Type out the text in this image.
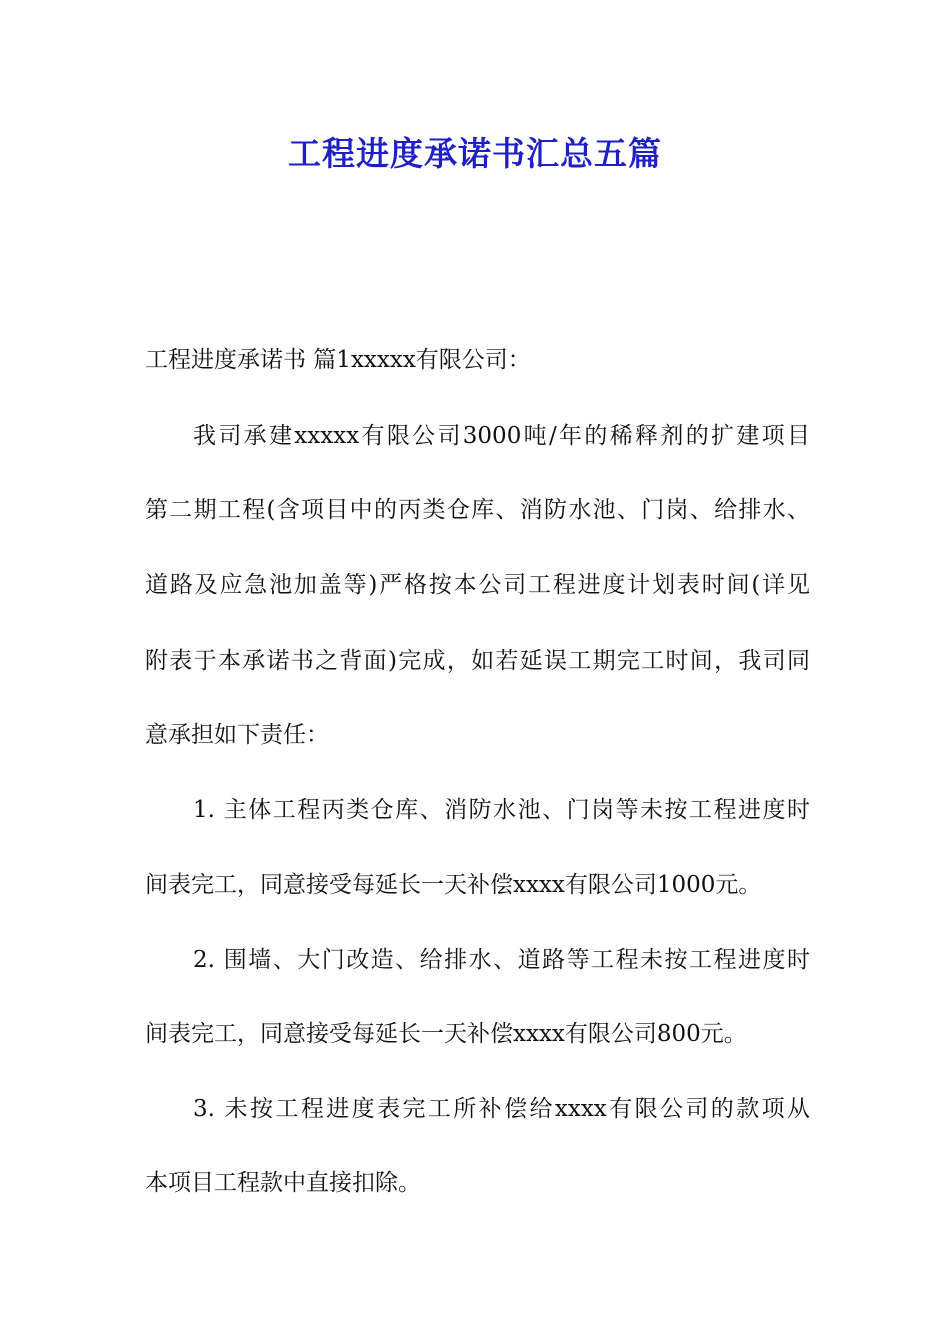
工程进度承诺书汇总五篇

工程进度承诺书 篇1xxxxx有限公司：

我司承建xxxxx有限公司3000吨/年的稀释剂的扩建项目

第二期工程(含项目中的丙类仓库、消防水池、门岗、给排水、

道路及应急池加盖等)严格按本公司工程进度计划表时间(详见

附表于本承诺书之背面)完成，如若延误工期完工时间，我司同

意承担如下责任：

1. 主体工程丙类仓库、消防水池、门岗等未按工程进度时

间表完工，同意接受每延长一天补偿xxxx有限公司1000元。

2. 围墙、大门改造、给排水、道路等工程未按工程进度时

间表完工，同意接受每延长一天补偿xxxx有限公司800元。

3. 未按工程进度表完工所补偿给xxxx有限公司的款项从

本项目工程款中直接扣除。
